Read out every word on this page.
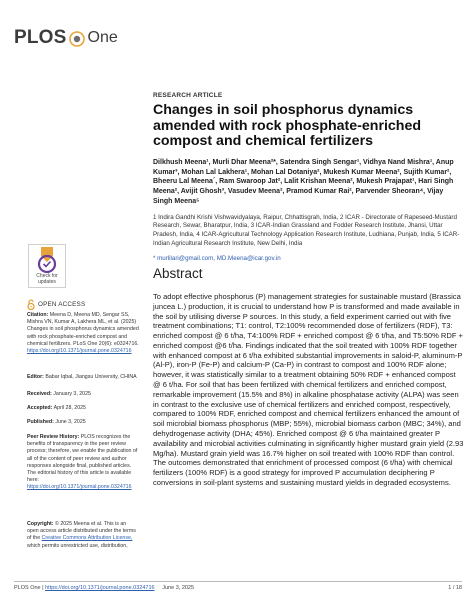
PLOS One
RESEARCH ARTICLE
Changes in soil phosphorus dynamics amended with rock phosphate-enriched compost and chemical fertilizers
Dilkhush Meena¹, Murli Dhar Meena²*, Satendra Singh Sengar¹, Vidhya Nand Mishra¹, Anup Kumar³, Mohan Lal Lakhera¹, Mohan Lal Dotaniya², Mukesh Kumar Meena², Sujith Kumar², Bheeru Lal Meena´, Ram Swaroop Jat², Lalit Krishan Meena², Mukesh Prajapat¹, Hari Singh Meena², Avijit Ghosh³, Vasudev Meena², Pramod Kumar Rai², Parvender Sheoran⁴, Vijay Singh Meena⁵
1 Indira Gandhi Krishi Vishwavidyalaya, Raipur, Chhattisgrah, India, 2 ICAR - Directorate of Rapeseed-Mustard Research, Sewar, Bharatpur, India, 3 ICAR-Indian Grassland and Fodder Research Institute, Jhansi, Uttar Pradesh, India, 4 ICAR-Agricultural Technology Application Research Institute, Ludhiana, Punjab, India, 5 ICAR-Indian Agricultural Research Institute, New Delhi, India
* murlilari@gmail.com, MD.Meena@icar.gov.in
Abstract
To adopt effective phosphorus (P) management strategies for sustainable mustard (Brassica juncea L.) production, it is crucial to understand how P is transformed and made available in the soil by utilising diverse P sources. In this study, a field experiment carried out with five treatment combinations; T1: control, T2:100% recommended dose of fertilizers (RDF), T3: enriched compost @ 6 t/ha, T4:100% RDF + enriched compost @ 6 t/ha, and T5:50% RDF + enriched compost @6 t/ha. Findings indicated that the soil treated with 100% RDF together with enhanced compost at 6 t/ha exhibited substantial improvements in saloid-P, aluminum-P (Al-P), iron-P (Fe-P) and calcium-P (Ca-P) in contrast to compost and 100% RDF alone; however, it was statistically similar to a treatment obtaining 50% RDF + enhanced compost @ 6 t/ha. For soil that has been fertilized with chemical fertilizers and enriched compost, remarkable improvement (15.5% and 8%) in alkaline phosphatase activity (ALPA) was seen in contrast to the exclusive use of chemical fertilizers and enriched compost, respectively, compared to 100% RDF, enriched compost and chemical fertilizers enhanced the amount of soil microbial biomass phosphorus (MBP; 55%), microbial biomass carbon (MBC; 34%), and dehydrogenase activity (DHA; 45%). Enriched compost @ 6 t/ha maintained greater P availability and microbial activities culminating in significantly higher mustard grain yield (2.93 Mg/ha). Mustard grain yield was 16.7% higher on soil treated with 100% RDF than control. The outcomes demonstrated that enrichment of processed compost (6 t/ha) with chemical fertilizers (100% RDF) is a good strategy for improved P accumulation deciphering P conversions in soil-plant systems and sustaining mustard yields in degraded ecosystems.
Check for
updates
OPEN ACCESS
Citation: Meena D, Meena MD, Sengar SS, Mishra VN, Kumar A, Lakhera ML, et al. (2025) Changes in soil phosphorus dynamics amended with rock phosphate-enriched compost and chemical fertilizers. PLoS One 20(6): e0324716. https://doi.org/10.1371/journal.pone.0324716
Editor: Babar Iqbal, Jiangsu University, CHINA
Received: January 3, 2025
Accepted: April 28, 2025
Published: June 3, 2025
Peer Review History: PLOS recognizes the benefits of transparency in the peer review process; therefore, we enable the publication of all of the content of peer review and author responses alongside final, published articles. The editorial history of this article is available here: https://doi.org/10.1371/journal.pone.0324716
Copyright: © 2025 Meena et al. This is an open access article distributed under the terms of the Creative Commons Attribution License, which permits unrestricted use, distribution,
PLOS One | https://doi.org/10.1371/journal.pone.0324716 June 3, 2025	1 / 18
